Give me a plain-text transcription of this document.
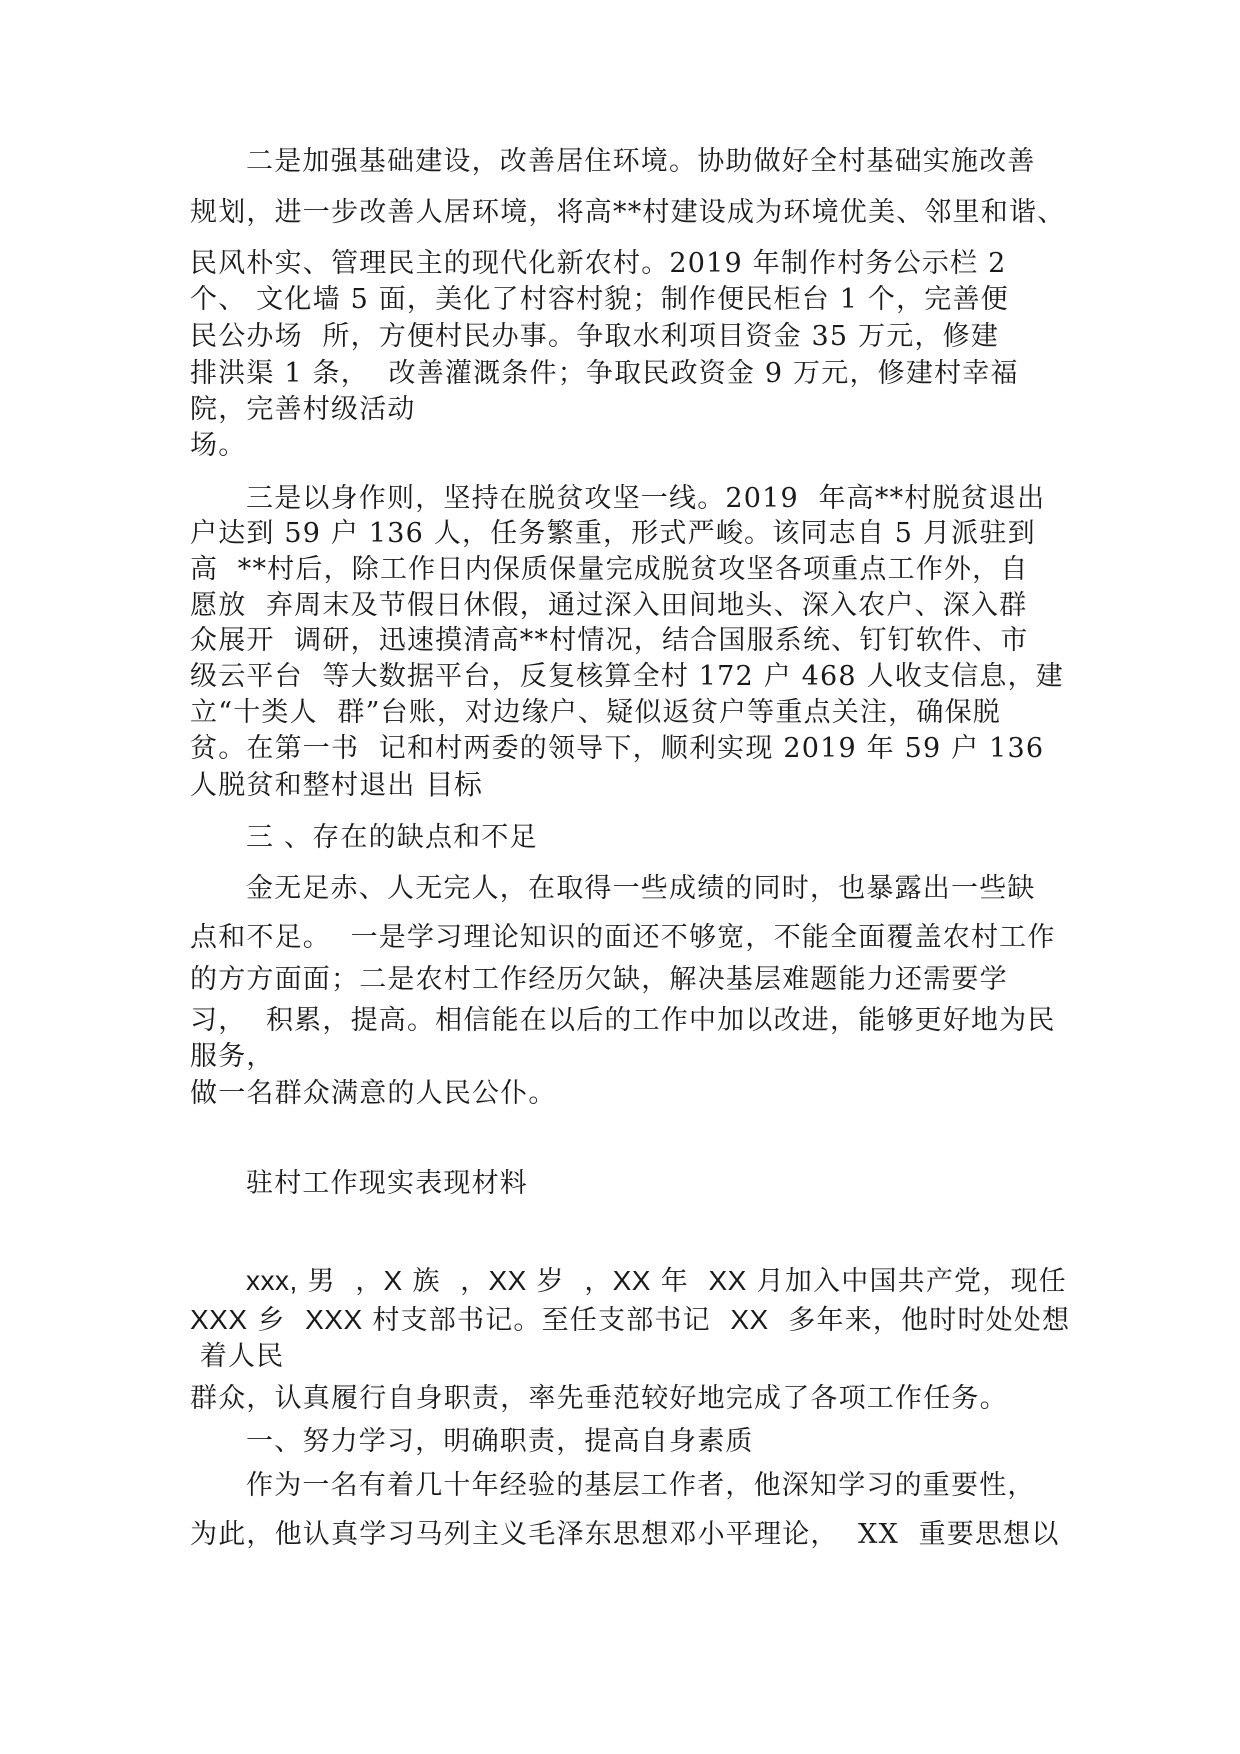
二是加强基础建设，改善居住环境。协助做好全村基础实施改善
规划，进一步改善人居环境，将高**村建设成为环境优美、邻里和谐、
民风朴实、管理民主的现代化新农村。2019 年制作村务公示栏 2
个、 文化墙 5 面，美化了村容村貌；制作便民柜台 1 个，完善便
民公办场  所，方便村民办事。争取水利项目资金 35 万元，修建
排洪渠 1 条，  改善灌溉条件；争取民政资金 9 万元，修建村幸福
院，完善村级活动
场。
三是以身作则，坚持在脱贫攻坚一线。2019  年高**村脱贫退出
户达到 59 户 136 人，任务繁重，形式严峻。该同志自 5 月派驻到
高  **村后，除工作日内保质保量完成脱贫攻坚各项重点工作外，自
愿放  弃周末及节假日休假，通过深入田间地头、深入农户、深入群
众展开  调研，迅速摸清高**村情况，结合国服系统、钉钉软件、市
级云平台  等大数据平台，反复核算全村 172 户 468 人收支信息，建
立“十类人  群”台账，对边缘户、疑似返贫户等重点关注，确保脱
贫。在第一书  记和村两委的领导下，顺利实现 2019 年 59 户 136
人脱贫和整村退出 目标
三 、存在的缺点和不足
金无足赤、人无完人，在取得一些成绩的同时，也暴露出一些缺
点和不足。  一是学习理论知识的面还不够宽，不能全面覆盖农村工作
的方方面面；二是农村工作经历欠缺，解决基层难题能力还需要学
习，  积累，提高。相信能在以后的工作中加以改进，能够更好地为民
服务，
做一名群众满意的人民公仆。
驻村工作现实表现材料
xxx, 男  ，X 族  ，XX 岁  ，XX 年  XX 月加入中国共产党，现任
XXX 乡  XXX 村支部书记。至任支部书记  XX  多年来，他时时处处想
着人民
群众，认真履行自身职责，率先垂范较好地完成了各项工作任务。
一、努力学习，明确职责，提高自身素质
作为一名有着几十年经验的基层工作者，他深知学习的重要性，
为此，他认真学习马列主义毛泽东思想邓小平理论，  XX  重要思想以
